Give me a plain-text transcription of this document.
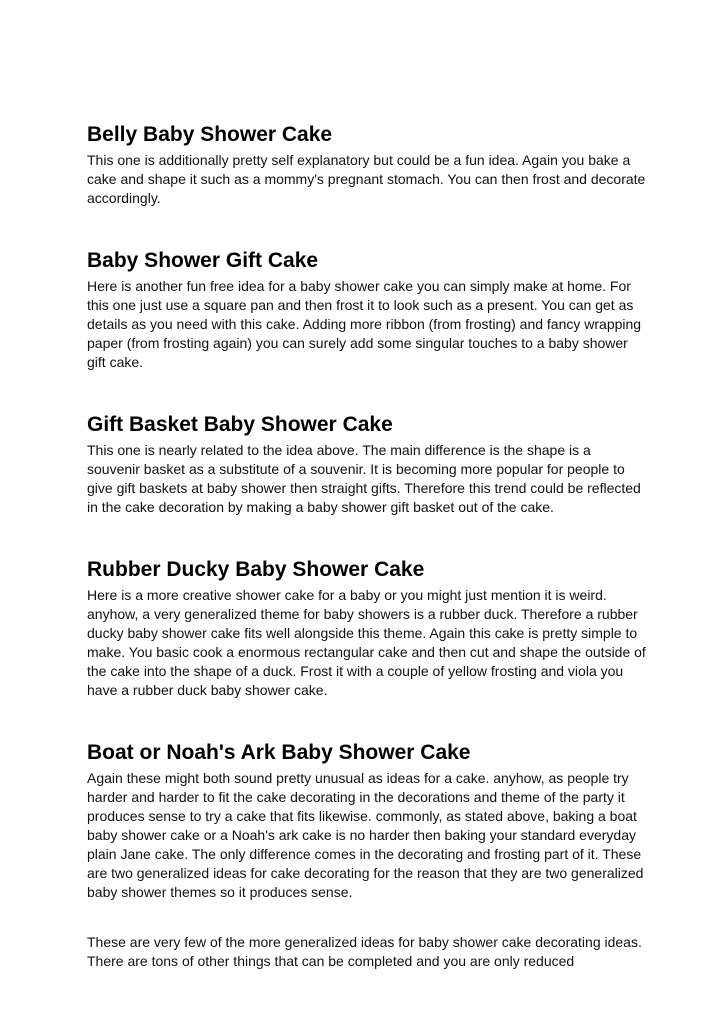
Belly Baby Shower Cake

This one is additionally pretty self explanatory but could be a fun idea. Again you bake a cake and shape it such as a mommy's pregnant stomach. You can then frost and decorate accordingly.

Baby Shower Gift Cake

Here is another fun free idea for a baby shower cake you can simply make at home. For this one just use a square pan and then frost it to look such as a present. You can get as details as you need with this cake. Adding more ribbon (from frosting) and fancy wrapping paper (from frosting again) you can surely add some singular touches to a baby shower gift cake.

Gift Basket Baby Shower Cake

This one is nearly related to the idea above. The main difference is the shape is a souvenir basket as a substitute of a souvenir. It is becoming more popular for people to give gift baskets at baby shower then straight gifts. Therefore this trend could be reflected in the cake decoration by making a baby shower gift basket out of the cake.

Rubber Ducky Baby Shower Cake

Here is a more creative shower cake for a baby or you might just mention it is weird. anyhow, a very generalized theme for baby showers is a rubber duck. Therefore a rubber ducky baby shower cake fits well alongside this theme. Again this cake is pretty simple to make. You basic cook a enormous rectangular cake and then cut and shape the outside of the cake into the shape of a duck. Frost it with a couple of yellow frosting and viola you have a rubber duck baby shower cake.

Boat or Noah's Ark Baby Shower Cake

Again these might both sound pretty unusual as ideas for a cake. anyhow, as people try harder and harder to fit the cake decorating in the decorations and theme of the party it produces sense to try a cake that fits likewise. commonly, as stated above, baking a boat baby shower cake or a Noah's ark cake is no harder then baking your standard everyday plain Jane cake. The only difference comes in the decorating and frosting part of it. These are two generalized ideas for cake decorating for the reason that they are two generalized baby shower themes so it produces sense.

These are very few of the more generalized ideas for baby shower cake decorating ideas. There are tons of other things that can be completed and you are only reduced
